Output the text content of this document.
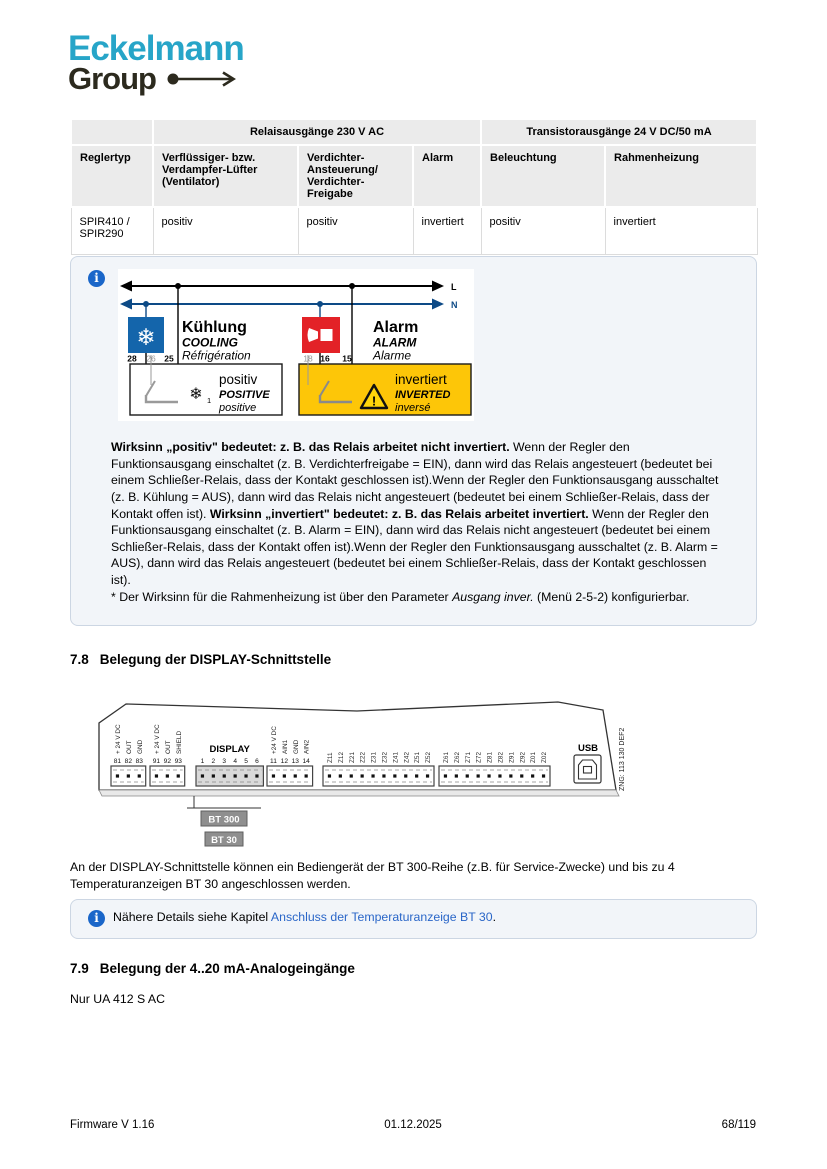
Eckelmann
Group
	Relaisausgänge 230 V AC			Transistorausgänge 24 V DC/50 mA	
Reglertyp	Verflüssiger- bzw. Verdampfer-Lüfter (Ventilator)	Verdichter-Ansteuerung/ Verdichter-Freigabe	Alarm	Beleuchtung	Rahmenheizung
SPIR410 / SPIR290	positiv	positiv	invertiert	positiv	invertiert
i
L
N
❄
28 26 25
Kühlung
COOLING
Réfrigération
❄ 1
positiv
POSITIVE
positive
18 16 15
Alarm
ALARM
Alarme
!
invertiert
INVERTED
inversé

Wirksinn „positiv" bedeutet: z. B. das Relais arbeitet nicht invertiert. Wenn der Regler den Funktionsausgang einschaltet (z. B. Verdichterfreigabe = EIN), dann wird das Relais angesteuert (bedeutet bei einem Schließer-Relais, dass der Kontakt geschlossen ist).Wenn der Regler den Funktionsausgang ausschaltet (z. B. Kühlung = AUS), dann wird das Relais nicht angesteuert (bedeutet bei einem Schließer-Relais, dass der Kontakt offen ist). Wirksinn „invertiert" bedeutet: z. B. das Relais arbeitet invertiert. Wenn der Regler den Funktionsausgang einschaltet (z. B. Alarm = EIN), dann wird das Relais nicht angesteuert (bedeutet bei einem Schließer-Relais, dass der Kontakt offen ist).Wenn der Regler den Funktionsausgang ausschaltet (z. B. Alarm = AUS), dann wird das Relais angesteuert (bedeutet bei einem Schließer-Relais, dass der Kontakt geschlossen ist).
* Der Wirksinn für die Rahmenheizung ist über den Parameter Ausgang inver. (Menü 2-5-2) konfigurierbar.

7.8 Belegung der DISPLAY-Schnittstelle
81
+ 24 V DC
82
OUT
83
GND
91
+ 24 V DC
92
OUT
93
SHIELD
1 2 3 4 5 6
DISPLAY
11
+24 V DC
12
AIN1
13
GND
14
AIN2
Z11 Z12 Z21 Z22 Z31 Z32 Z41 Z42 Z51 Z52 Z61 Z62 Z71 Z72 Z81 Z82 Z91 Z92 Z01 Z02
USB	ZNG: 113 130 DEF2
BT 300
BT 30

An der DISPLAY-Schnittstelle können ein Bediengerät der BT 300-Reihe (z.B. für Service-Zwecke) und bis zu 4 Temperaturanzeigen BT 30 angeschlossen werden.

i	Nähere Details siehe Kapitel Anschluss der Temperaturanzeige BT 30.

7.9 Belegung der 4..20 mA-Analogeingänge

Nur UA 412 S AC

Firmware V 1.16	01.12.2025	68/119
